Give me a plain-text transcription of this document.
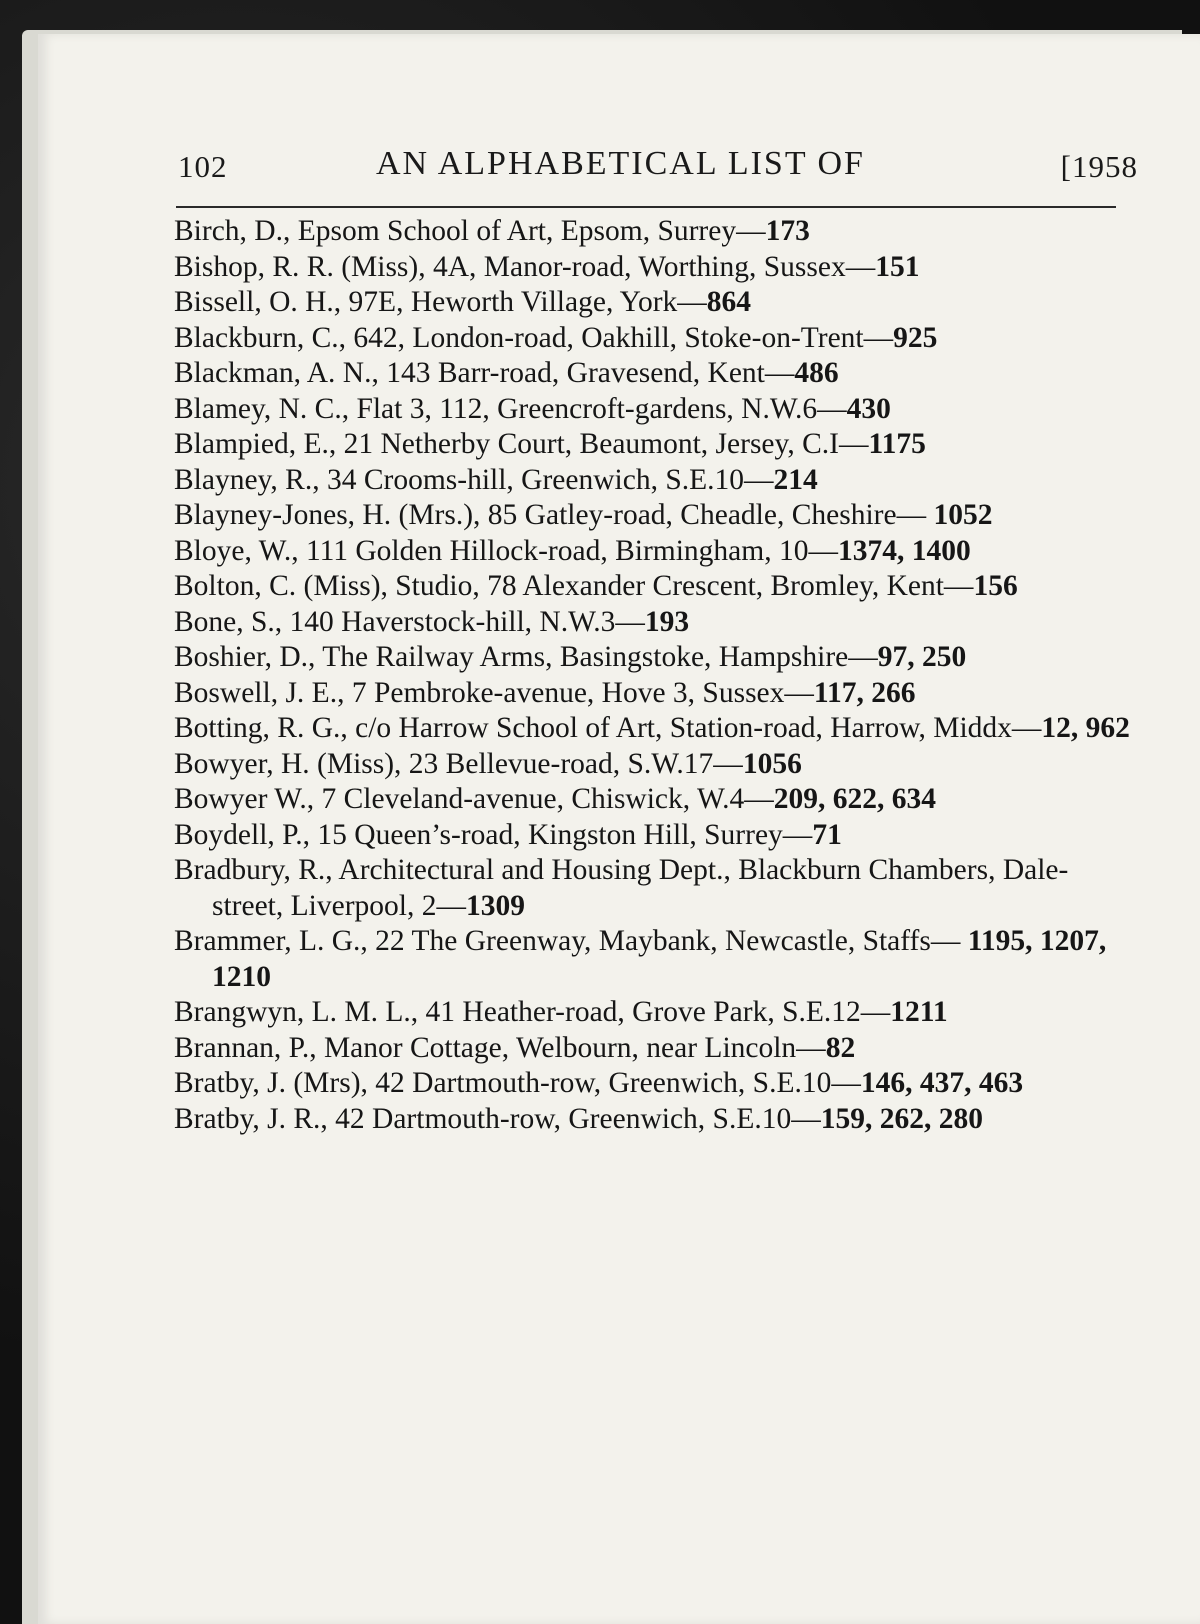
102	AN ALPHABETICAL LIST OF	[1958
Birch, D., Epsom School of Art, Epsom, Surrey—173
Bishop, R. R. (Miss), 4A, Manor-road, Worthing, Sussex—151
Bissell, O. H., 97E, Heworth Village, York—864
Blackburn, C., 642, London-road, Oakhill, Stoke-on-Trent—925
Blackman, A. N., 143 Barr-road, Gravesend, Kent—486
Blamey, N. C., Flat 3, 112, Greencroft-gardens, N.W.6—430
Blampied, E., 21 Netherby Court, Beaumont, Jersey, C.I—1175
Blayney, R., 34 Crooms-hill, Greenwich, S.E.10—214
Blayney-Jones, H. (Mrs.), 85 Gatley-road, Cheadle, Cheshire— 1052
Bloye, W., 111 Golden Hillock-road, Birmingham, 10—1374, 1400
Bolton, C. (Miss), Studio, 78 Alexander Crescent, Bromley, Kent—156
Bone, S., 140 Haverstock-hill, N.W.3—193
Boshier, D., The Railway Arms, Basingstoke, Hampshire—97, 250
Boswell, J. E., 7 Pembroke-avenue, Hove 3, Sussex—117, 266
Botting, R. G., c/o Harrow School of Art, Station-road, Harrow, Middx—12, 962
Bowyer, H. (Miss), 23 Bellevue-road, S.W.17—1056
Bowyer W., 7 Cleveland-avenue, Chiswick, W.4—209, 622, 634
Boydell, P., 15 Queen’s-road, Kingston Hill, Surrey—71
Bradbury, R., Architectural and Housing Dept., Blackburn Chambers, Dale-street, Liverpool, 2—1309
Brammer, L. G., 22 The Greenway, Maybank, Newcastle, Staffs— 1195, 1207, 1210
Brangwyn, L. M. L., 41 Heather-road, Grove Park, S.E.12—1211
Brannan, P., Manor Cottage, Welbourn, near Lincoln—82
Bratby, J. (Mrs), 42 Dartmouth-row, Greenwich, S.E.10—146, 437, 463
Bratby, J. R., 42 Dartmouth-row, Greenwich, S.E.10—159, 262, 280
